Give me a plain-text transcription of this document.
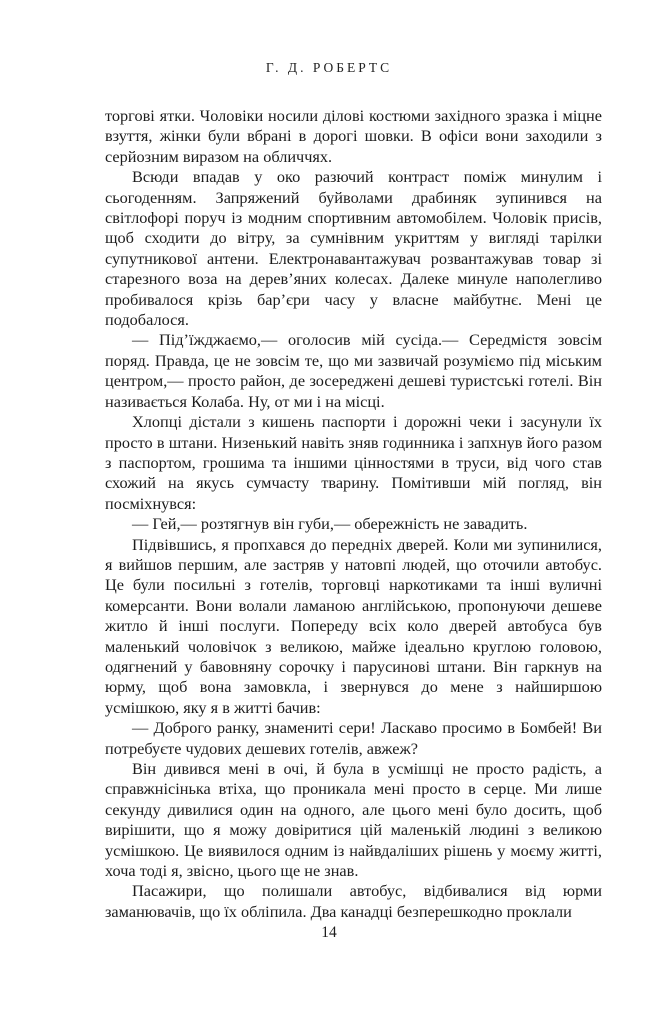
Г. Д. РОБЕРТС

торгові ятки. Чоловіки носили ділові костюми західного зразка і міцне взуття, жінки були вбрані в дорогі шовки. В офіси вони заходили з серйозним виразом на обличчях.

Всюди впадав у око разючий контраст поміж минулим і сьогоденням. Запряжений буйволами драбиняк зупинився на світлофорі поруч із модним спортивним автомобілем. Чоловік присів, щоб сходити до вітру, за сумнівним укриттям у вигляді тарілки супутникової антени. Електронавантажувач розвантажував товар зі старезного воза на дерев’яних колесах. Далеке минуле наполегливо пробивалося крізь бар’єри часу у власне майбутнє. Мені це подобалося.

— Під’їжджаємо,— оголосив мій сусіда.— Середмістя зовсім поряд. Правда, це не зовсім те, що ми зазвичай розуміємо під міським центром,— просто район, де зосереджені дешеві туристські готелі. Він називається Колаба. Ну, от ми і на місці.

Хлопці дістали з кишень паспорти і дорожні чеки і засунули їх просто в штани. Низенький навіть зняв годинника і запхнув його разом з паспортом, грошима та іншими цінностями в труси, від чого став схожий на якусь сумчасту тварину. Помітивши мій погляд, він посміхнувся:

— Гей,— розтягнув він губи,— обережність не завадить.

Підвівшись, я пропхався до передніх дверей. Коли ми зупинилися, я вийшов першим, але застряв у натовпі людей, що оточили автобус. Це були посильні з готелів, торговці наркотиками та інші вуличні комерсанти. Вони волали ламаною англійською, пропонуючи дешеве житло й інші послуги. Попереду всіх коло дверей автобуса був маленький чоловічок з великою, майже ідеально круглою головою, одягнений у бавовняну сорочку і парусинові штани. Він гаркнув на юрму, щоб вона замовкла, і звернувся до мене з найширшою усмішкою, яку я в житті бачив:

— Доброго ранку, знамениті сери! Ласкаво просимо в Бомбей! Ви потребуєте чудових дешевих готелів, авжеж?

Він дивився мені в очі, й була в усмішці не просто радість, а справжнісінька втіха, що проникала мені просто в серце. Ми лише секунду дивилися один на одного, але цього мені було досить, щоб вирішити, що я можу довіритися цій маленькій людині з великою усмішкою. Це виявилося одним із найвдаліших рішень у моєму житті, хоча тоді я, звісно, цього ще не знав.

Пасажири, що полишали автобус, відбивалися від юрми заманювачів, що їх обліпила. Два канадці безперешкодно проклали

14
